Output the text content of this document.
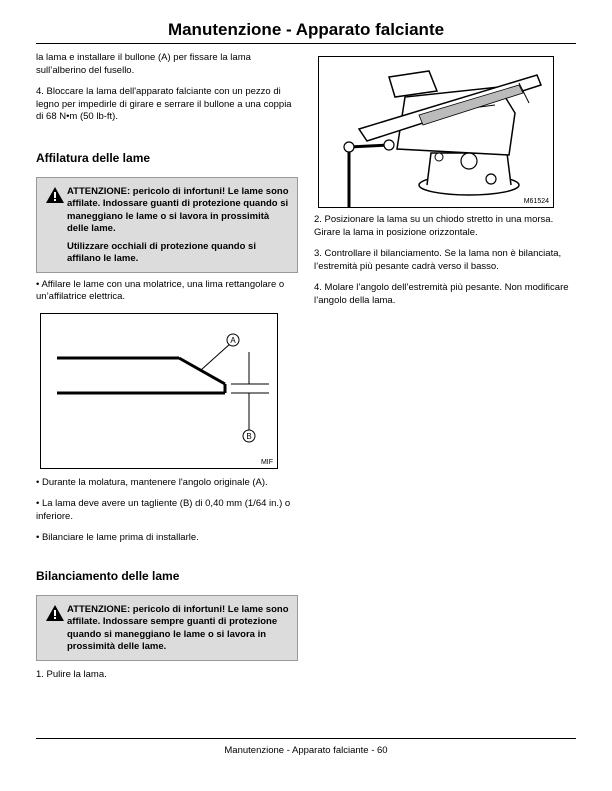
Manutenzione - Apparato falciante

la lama e installare il bullone (A) per fissare la lama sull’alberino del fusello.

4. Bloccare la lama dell'apparato falciante con un pezzo di legno per impedirle di girare e serrare il bullone a una coppia di 68 N•m (50 lb-ft).

Affilatura delle lame
ATTENZIONE: pericolo di infortuni! Le lame sono affilate. Indossare guanti di protezione quando si maneggiano le lame o si lavora in prossimità delle lame.
Utilizzare occhiali di protezione quando si affilano le lame.

• Affilare le lame con una molatrice, una lima rettangolare o un’affilatrice elettrica.

A
B
MIF

• Durante la molatura, mantenere l'angolo originale (A).

• La lama deve avere un tagliente (B) di 0,40 mm (1/64 in.) o inferiore.

• Bilanciare le lame prima di installarle.

Bilanciamento delle lame
ATTENZIONE: pericolo di infortuni! Le lame sono affilate. Indossare sempre guanti di protezione quando si maneggiano le lame o si lavora in prossimità delle lame.

1. Pulire la lama.

M61524

2. Posizionare la lama su un chiodo stretto in una morsa. Girare la lama in posizione orizzontale.

3. Controllare il bilanciamento. Se la lama non è bilanciata, l’estremità più pesante cadrà verso il basso.

4. Molare l’angolo dell’estremità più pesante. Non modificare l’angolo della lama.

Manutenzione - Apparato falciante - 60
